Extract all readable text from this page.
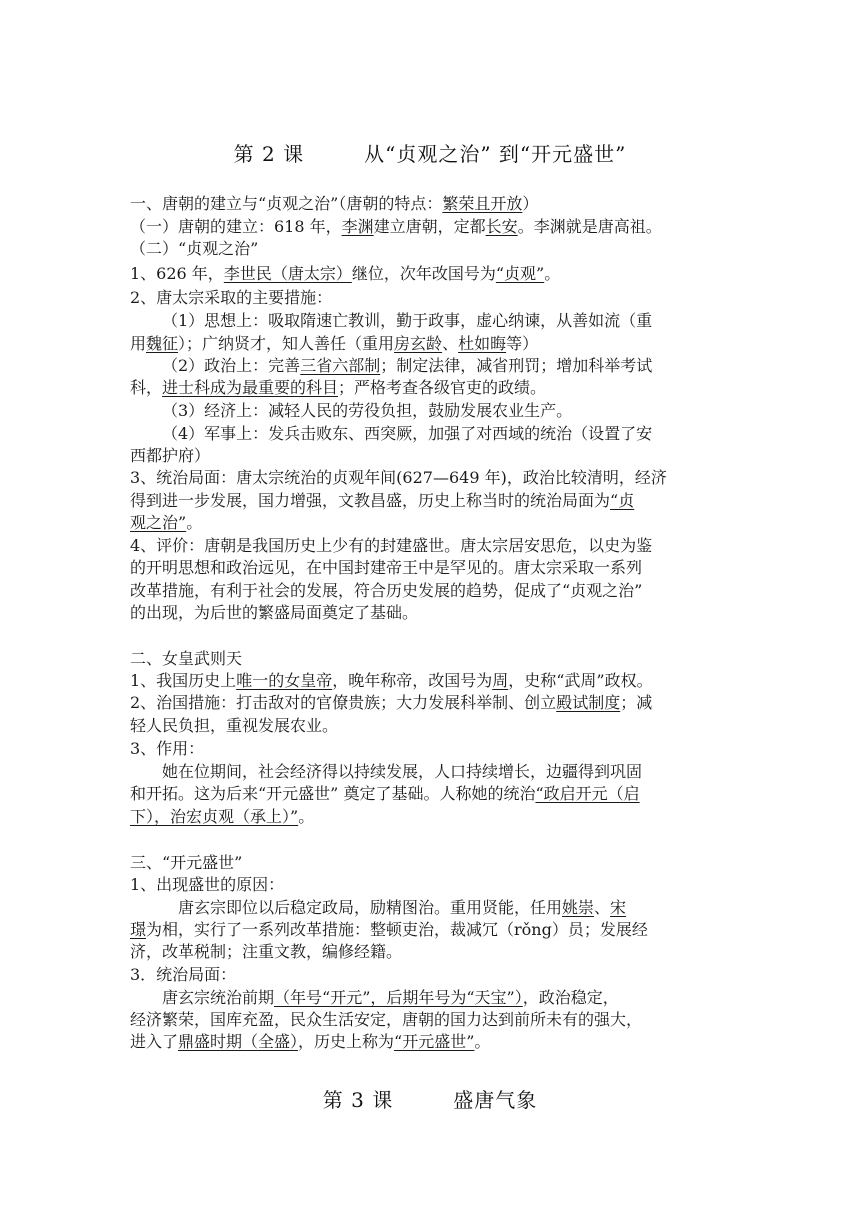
第 2 课	从“贞观之治” 到“开元盛世”
一、唐朝的建立与“贞观之治”（唐朝的特点：繁荣且开放）
（一）唐朝的建立：618 年，李渊建立唐朝，定都长安。李渊就是唐高祖。
（二）“贞观之治”
1、626 年，李世民（唐太宗）继位，次年改国号为“贞观”。
2、唐太宗采取的主要措施：
（1）思想上：吸取隋速亡教训，勤于政事，虚心纳谏，从善如流（重
用魏征）；广纳贤才，知人善任（重用房玄龄、杜如晦等）
（2）政治上：完善三省六部制；制定法律，减省刑罚；增加科举考试
科，进士科成为最重要的科目；严格考查各级官吏的政绩。
（3）经济上：减轻人民的劳役负担，鼓励发展农业生产。
（4）军事上：发兵击败东、西突厥，加强了对西域的统治（设置了安
西都护府）
3、统治局面：唐太宗统治的贞观年间(627—649 年)，政治比较清明，经济
得到进一步发展，国力增强，文教昌盛，历史上称当时的统治局面为“贞
观之治”。
4、评价：唐朝是我国历史上少有的封建盛世。唐太宗居安思危，以史为鉴
的开明思想和政治远见，在中国封建帝王中是罕见的。唐太宗采取一系列
改革措施，有利于社会的发展，符合历史发展的趋势，促成了“贞观之治”
的出现，为后世的繁盛局面奠定了基础。
二、女皇武则天
1、我国历史上唯一的女皇帝，晚年称帝，改国号为周，史称“武周”政权。
2、治国措施：打击敌对的官僚贵族；大力发展科举制、创立殿试制度；减
轻人民负担，重视发展农业。
3、作用：
她在位期间，社会经济得以持续发展，人口持续增长，边疆得到巩固
和开拓。这为后来“开元盛世” 奠定了基础。人称她的统治“政启开元（启
下），治宏贞观（承上）”。
三、“开元盛世”
1、出现盛世的原因：
唐玄宗即位以后稳定政局，励精图治。重用贤能，任用姚崇、宋
璟为相，实行了一系列改革措施：整顿吏治，裁减冗（rǒng）员；发展经
济，改革税制；注重文教，编修经籍。
3．统治局面：
唐玄宗统治前期（年号“开元”，后期年号为“天宝”），政治稳定，
经济繁荣，国库充盈，民众生活安定，唐朝的国力达到前所未有的强大，
进入了鼎盛时期（全盛），历史上称为“开元盛世”。
第 3 课	盛唐气象
